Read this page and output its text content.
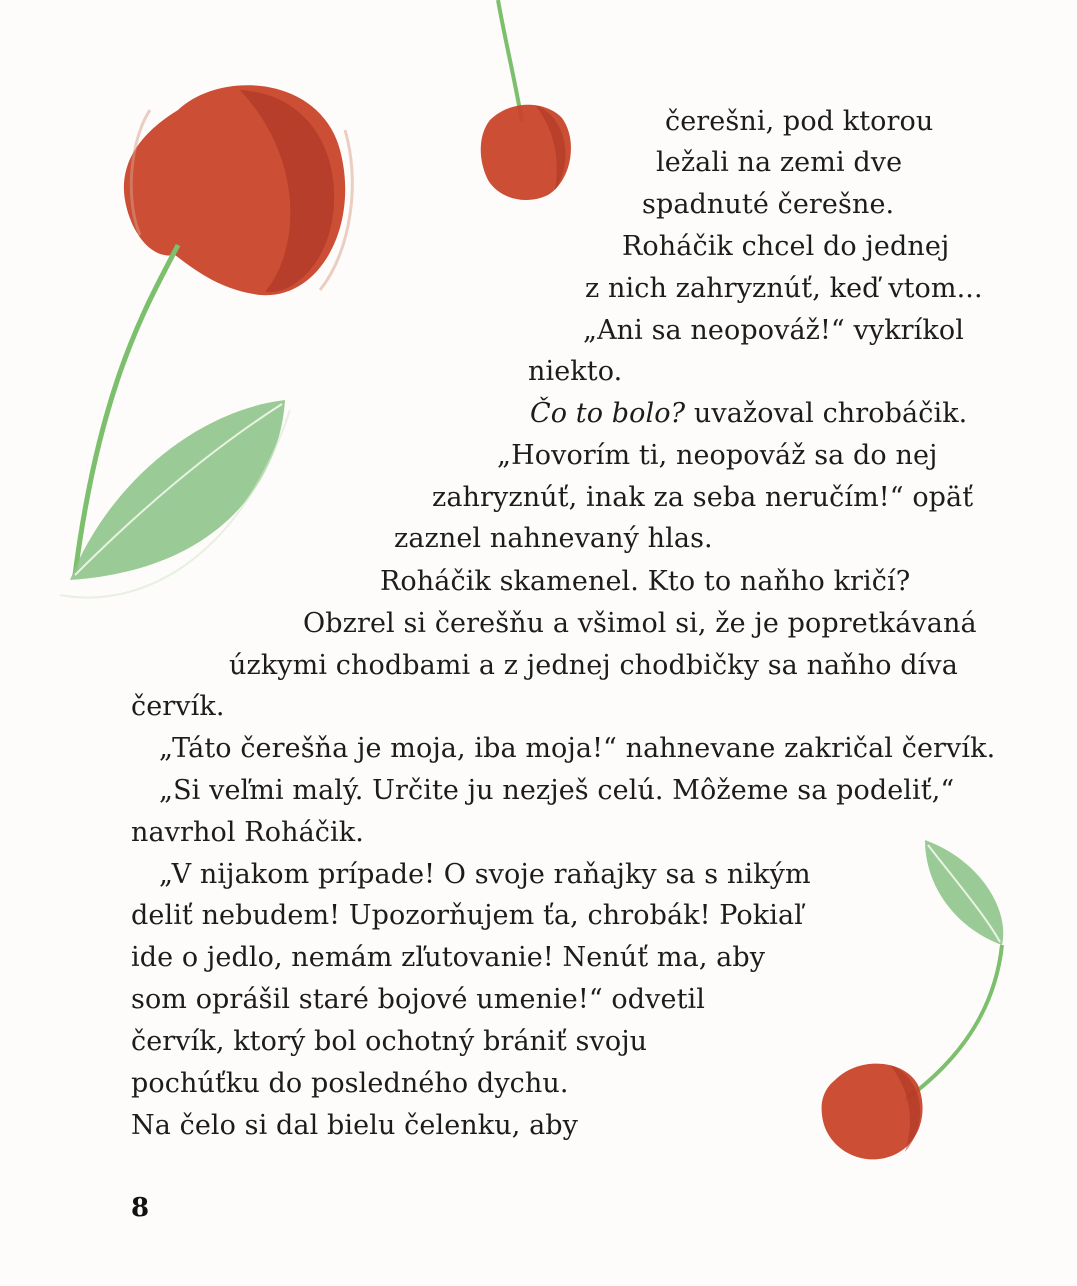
čerešni, pod ktorou
ležali na zemi dve
spadnuté čerešne.
Roháčik chcel do jednej
z nich zahryznúť, keď vtom...
„Ani sa neopováž!“ vykríkol
niekto.
Čo to bolo? uvažoval chrobáčik.
„Hovorím ti, neopováž sa do nej
zahryznúť, inak za seba neručím!“ opäť
zaznel nahnevaný hlas.
Roháčik skamenel. Kto to naňho kričí?
Obzrel si čerešňu a všimol si, že je popretkávaná
úzkymi chodbami a z jednej chodbičky sa naňho díva
červík.
„Táto čerešňa je moja, iba moja!“ nahnevane zakričal červík.
„Si veľmi malý. Určite ju nezješ celú. Môžeme sa podeliť,“
navrhol Roháčik.
„V nijakom prípade! O svoje raňajky sa s nikým
deliť nebudem! Upozorňujem ťa, chrobák! Pokiaľ
ide o jedlo, nemám zľutovanie! Nenúť ma, aby
som oprášil staré bojové umenie!“ odvetil
červík, ktorý bol ochotný brániť svoju
pochúťku do posledného dychu.
Na čelo si dal bielu čelenku, aby
8
